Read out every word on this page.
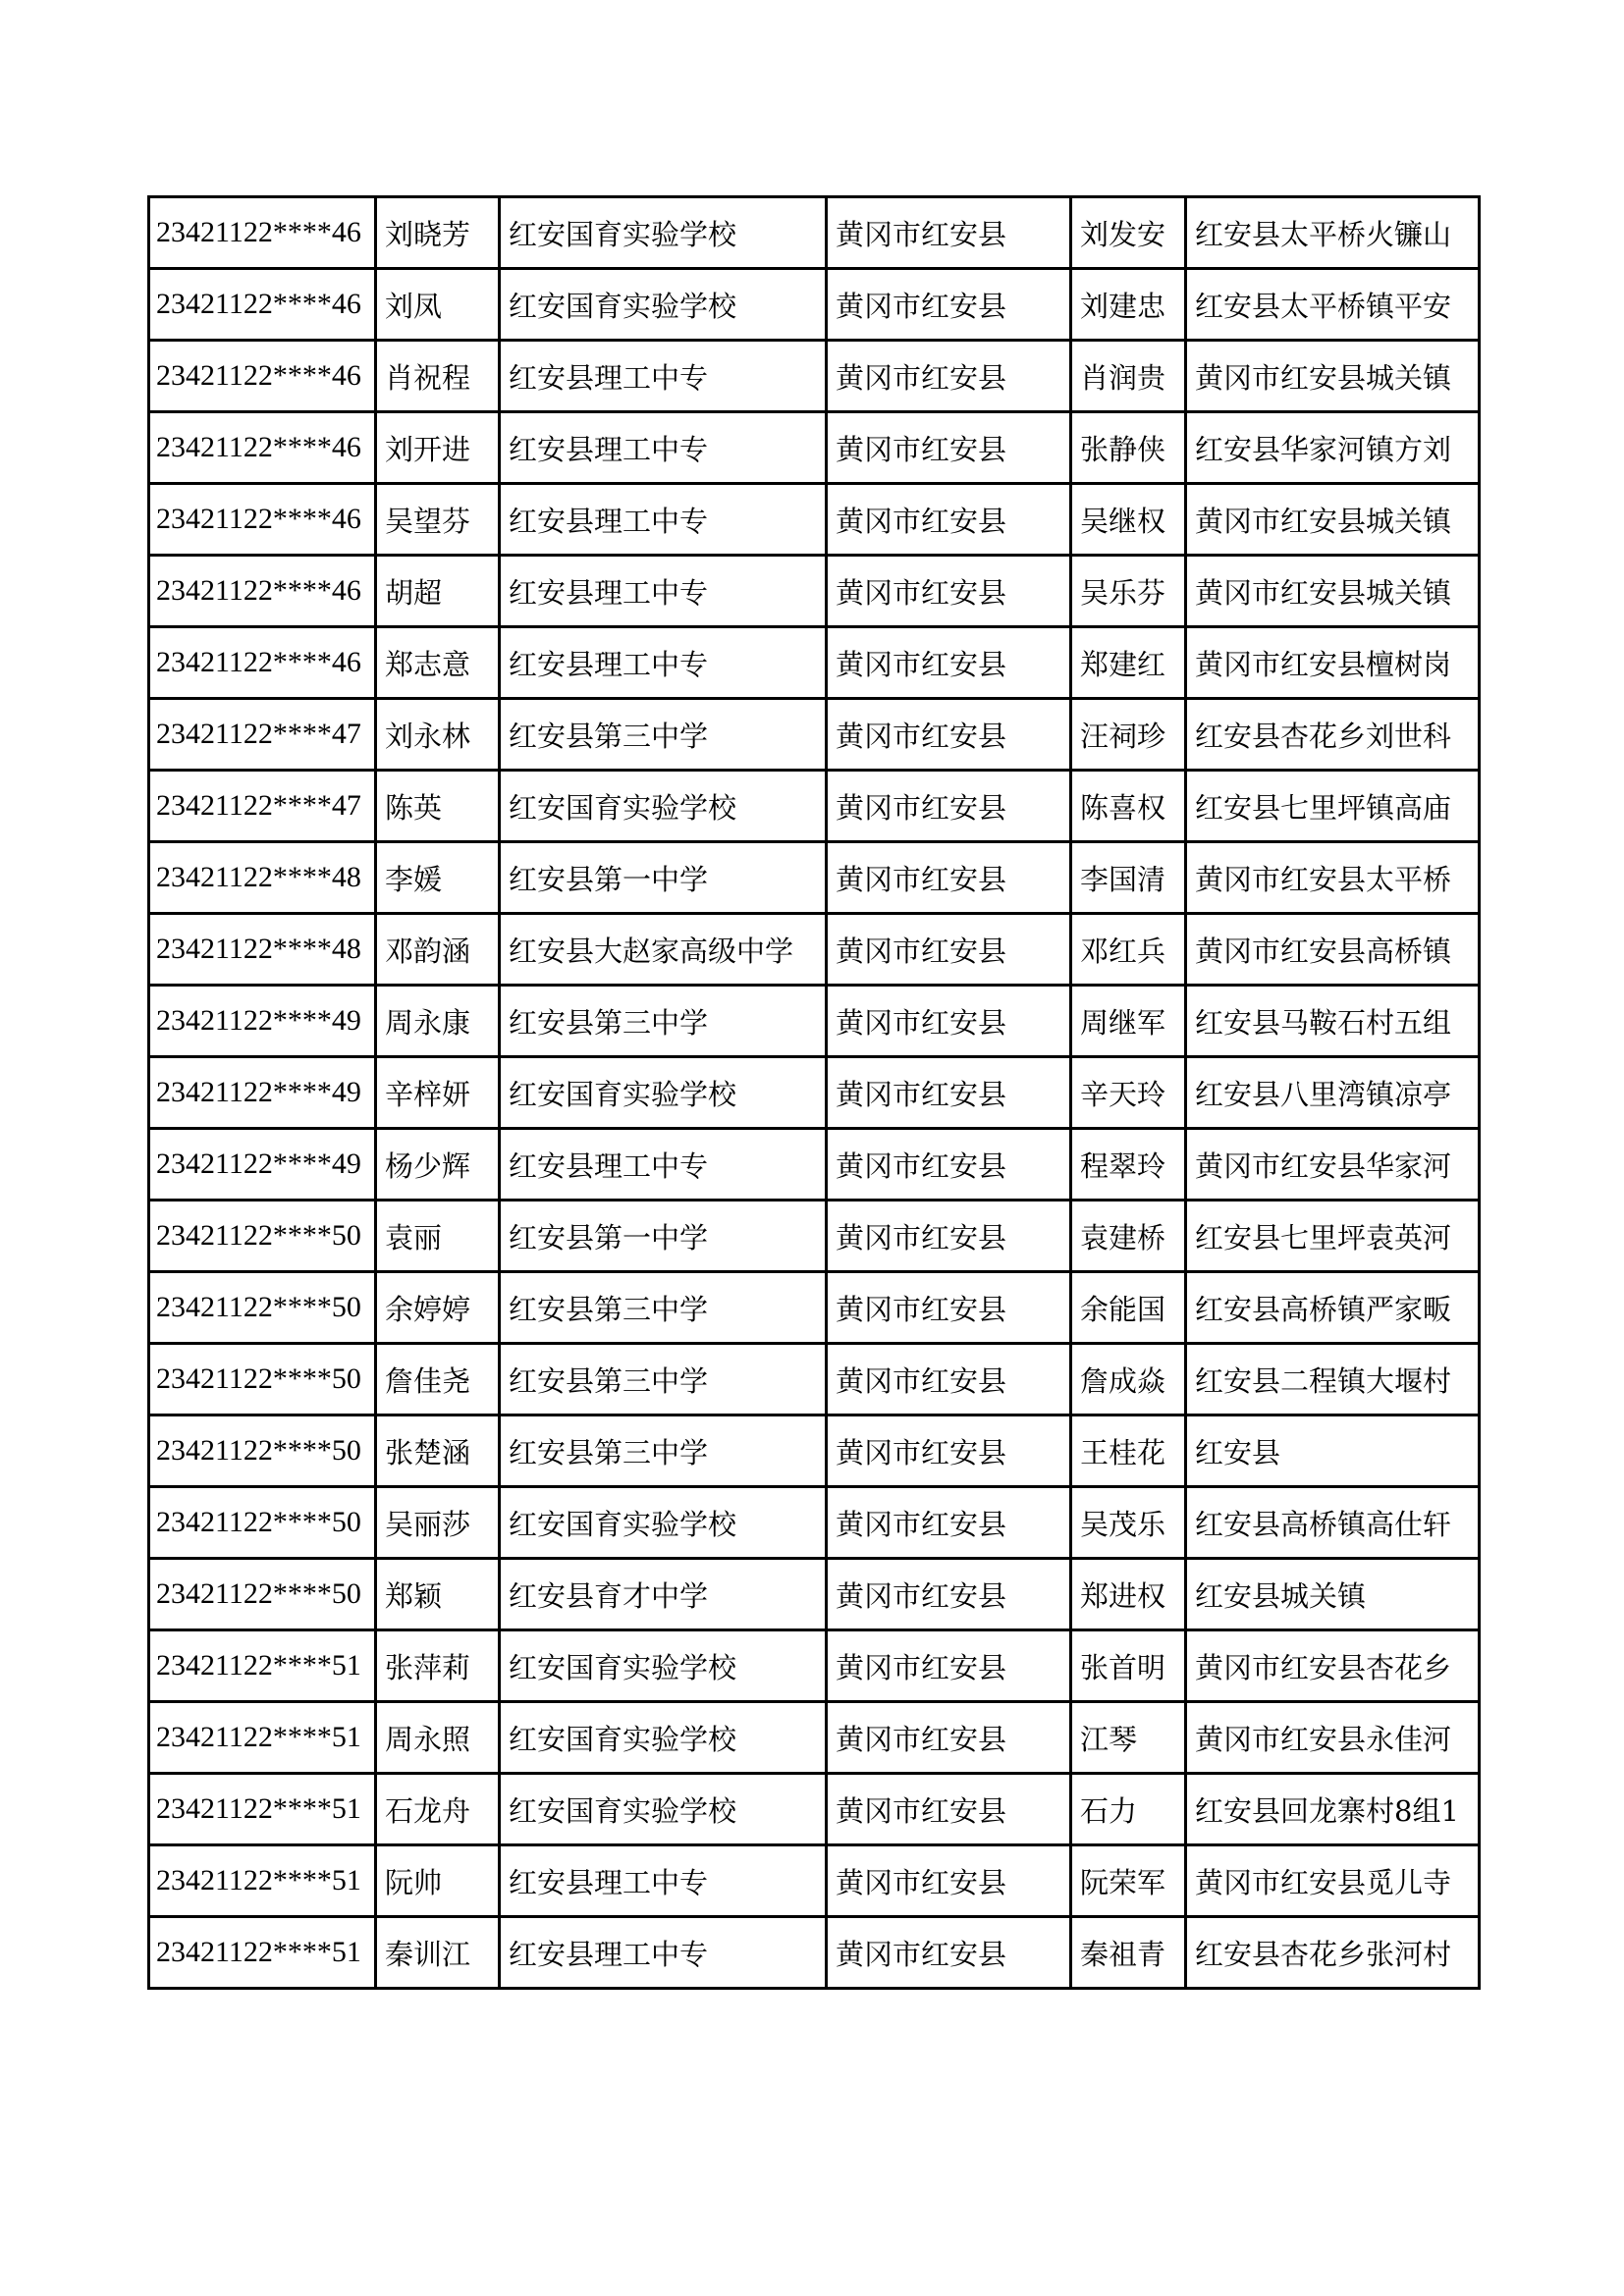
23421122****46	刘晓芳	红安国育实验学校	黄冈市红安县	刘发安	红安县太平桥火镰山
23421122****46	刘凤	红安国育实验学校	黄冈市红安县	刘建忠	红安县太平桥镇平安
23421122****46	肖祝程	红安县理工中专	黄冈市红安县	肖润贵	黄冈市红安县城关镇
23421122****46	刘开进	红安县理工中专	黄冈市红安县	张静侠	红安县华家河镇方刘
23421122****46	吴望芬	红安县理工中专	黄冈市红安县	吴继权	黄冈市红安县城关镇
23421122****46	胡超	红安县理工中专	黄冈市红安县	吴乐芬	黄冈市红安县城关镇
23421122****46	郑志意	红安县理工中专	黄冈市红安县	郑建红	黄冈市红安县檀树岗
23421122****47	刘永林	红安县第三中学	黄冈市红安县	汪祠珍	红安县杏花乡刘世科
23421122****47	陈英	红安国育实验学校	黄冈市红安县	陈喜权	红安县七里坪镇高庙
23421122****48	李媛	红安县第一中学	黄冈市红安县	李国清	黄冈市红安县太平桥
23421122****48	邓韵涵	红安县大赵家高级中学	黄冈市红安县	邓红兵	黄冈市红安县高桥镇
23421122****49	周永康	红安县第三中学	黄冈市红安县	周继军	红安县马鞍石村五组
23421122****49	辛梓妍	红安国育实验学校	黄冈市红安县	辛天玲	红安县八里湾镇凉亭
23421122****49	杨少辉	红安县理工中专	黄冈市红安县	程翠玲	黄冈市红安县华家河
23421122****50	袁丽	红安县第一中学	黄冈市红安县	袁建桥	红安县七里坪袁英河
23421122****50	余婷婷	红安县第三中学	黄冈市红安县	余能国	红安县高桥镇严家畈
23421122****50	詹佳尧	红安县第三中学	黄冈市红安县	詹成焱	红安县二程镇大堰村
23421122****50	张楚涵	红安县第三中学	黄冈市红安县	王桂花	红安县
23421122****50	吴丽莎	红安国育实验学校	黄冈市红安县	吴茂乐	红安县高桥镇高仕轩
23421122****50	郑颖	红安县育才中学	黄冈市红安县	郑进权	红安县城关镇
23421122****51	张萍莉	红安国育实验学校	黄冈市红安县	张首明	黄冈市红安县杏花乡
23421122****51	周永照	红安国育实验学校	黄冈市红安县	江琴	黄冈市红安县永佳河
23421122****51	石龙舟	红安国育实验学校	黄冈市红安县	石力	红安县回龙寨村8组1
23421122****51	阮帅	红安县理工中专	黄冈市红安县	阮荣军	黄冈市红安县觅儿寺
23421122****51	秦训江	红安县理工中专	黄冈市红安县	秦祖青	红安县杏花乡张河村
